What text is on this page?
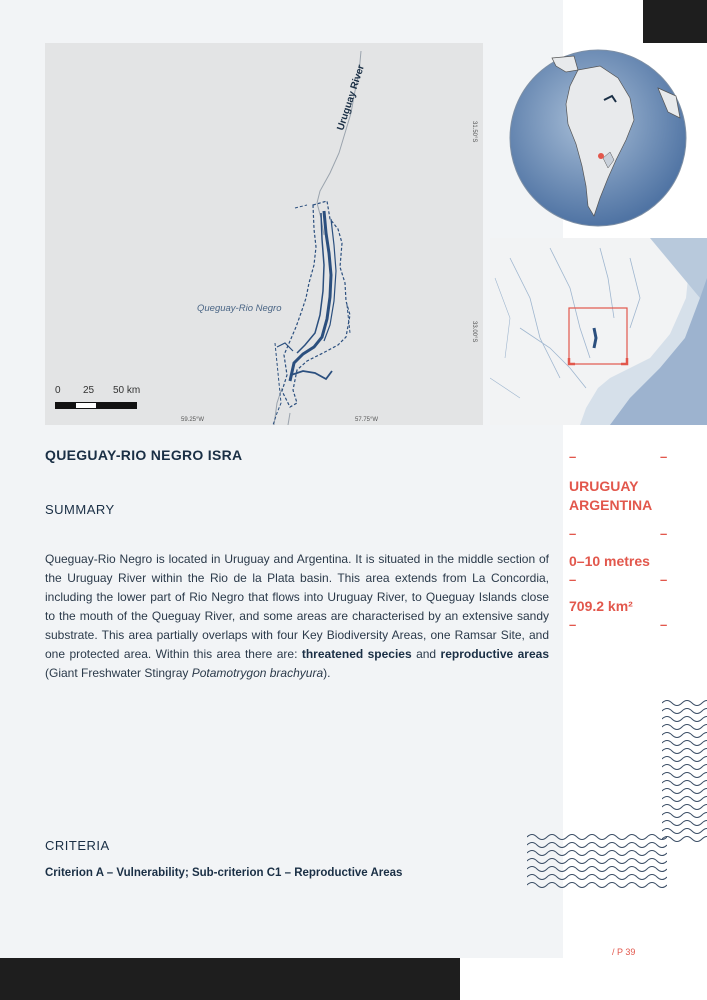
Uruguay River
Queguay-Rio Negro
31.50°S
33.00°S
59.25°W	57.75°W
0 25 50 km
QUEGUAY-RIO NEGRO ISRA
SUMMARY
Queguay-Rio Negro is located in Uruguay and Argentina. It is situated in the middle section of the Uruguay River within the Rio de la Plata basin. This area extends from La Concordia, including the lower part of Rio Negro that flows into Uruguay River, to Queguay Islands close to the mouth of the Queguay River, and some areas are characterised by an extensive sandy substrate. This area partially overlaps with four Key Biodiversity Areas, one Ramsar Site, and one protected area. Within this area there are: threatened species and reproductive areas (Giant Freshwater Stingray Potamotrygon brachyura).
CRITERIA
Criterion A – Vulnerability; Sub-criterion C1 – Reproductive Areas
–	–
URUGUAY
ARGENTINA
–	–
0–10 metres
–	–
709.2 km²
–	–
/ P 39
